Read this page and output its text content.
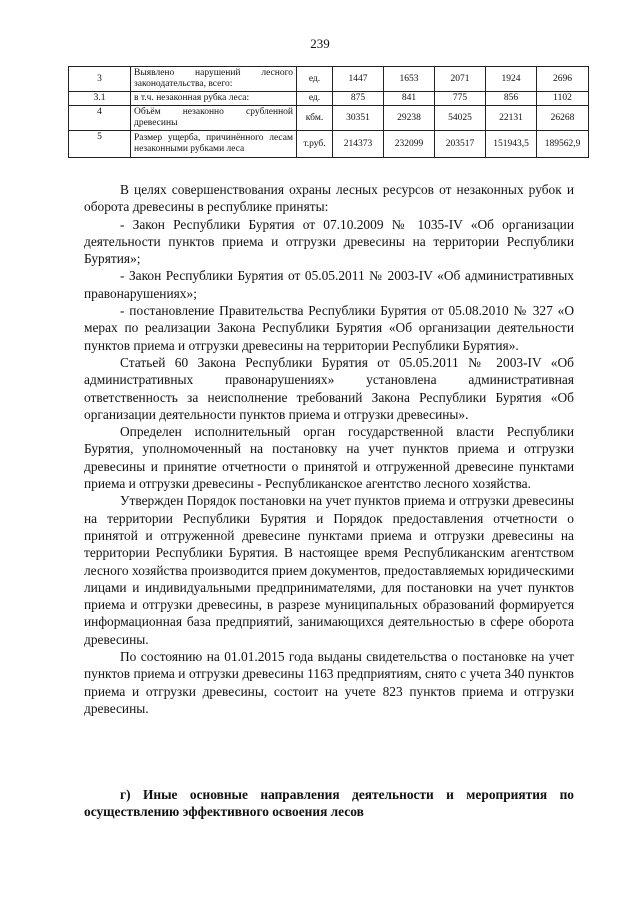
239
3	Выявлено нарушений лесного законодательства, всего:	ед.	1447	1653	2071	1924	2696
3.1	в т.ч. незаконная рубка леса:	ед.	875	841	775	856	1102
4	Объём незаконно срубленной древесины	кбм.	30351	29238	54025	22131	26268
5	Размер ущерба, причинённого лесам незаконными рубками леса	т.руб.	214373	232099	203517	151943,5	189562,9

В целях совершенствования охраны лесных ресурсов от незаконных рубок и оборота древесины в республике приняты:

- Закон Республики Бурятия от 07.10.2009 № 1035-IV «Об организации деятельности пунктов приема и отгрузки древесины на территории Республики Бурятия»;

- Закон Республики Бурятия от 05.05.2011 № 2003-IV «Об административных правонарушениях»;

- постановление Правительства Республики Бурятия от 05.08.2010 № 327 «О мерах по реализации Закона Республики Бурятия «Об организации деятельности пунктов приема и отгрузки древесины на территории Республики Бурятия».

Статьей 60 Закона Республики Бурятия от 05.05.2011 № 2003-IV «Об административных правонарушениях» установлена административная ответственность за неисполнение требований Закона Республики Бурятия «Об организации деятельности пунктов приема и отгрузки древесины».

Определен исполнительный орган государственной власти Республики Бурятия, уполномоченный на постановку на учет пунктов приема и отгрузки древесины и принятие отчетности о принятой и отгруженной древесине пунктами приема и отгрузки древесины - Республиканское агентство лесного хозяйства.

Утвержден Порядок постановки на учет пунктов приема и отгрузки древесины на территории Республики Бурятия и Порядок предоставления отчетности о принятой и отгруженной древесине пунктами приема и отгрузки древесины на территории Республики Бурятия. В настоящее время Республиканским агентством лесного хозяйства производится прием документов, предоставляемых юридическими лицами и индивидуальными предпринимателями, для постановки на учет пунктов приема и отгрузки древесины, в разрезе муниципальных образований формируется информационная база предприятий, занимающихся деятельностью в сфере оборота древесины.

По состоянию на 01.01.2015 года выданы свидетельства о постановке на учет пунктов приема и отгрузки древесины 1163 предприятиям, снято с учета 340 пунктов приема и отгрузки древесины, состоит на учете 823 пунктов приема и отгрузки древесины.

г) Иные основные направления деятельности и мероприятия по осуществлению эффективного освоения лесов
